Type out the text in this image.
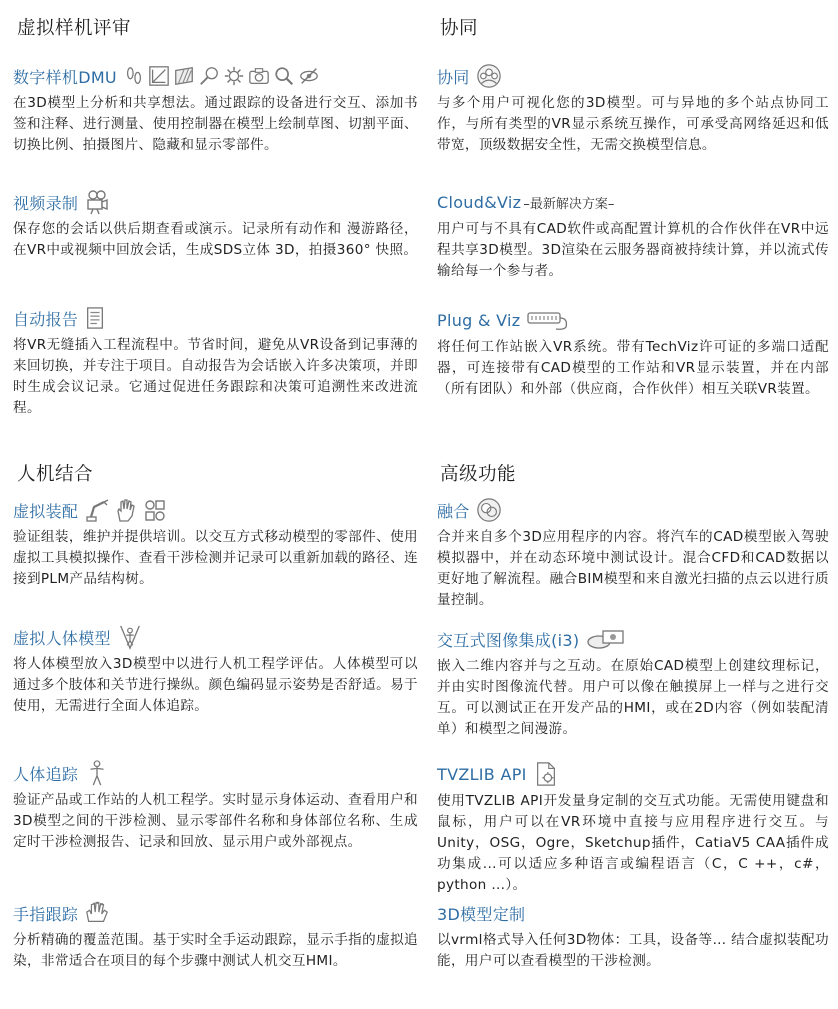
虚拟样机评审	协同
人机结合	高级功能
数字样机DMU
在3D模型上分析和共享想法。通过跟踪的设备进行交互、添加书签和注释、进行测量、使用控制器在模型上绘制草图、切割平面、切换比例、拍摄图片、隐藏和显示零部件。
视频录制
保存您的会话以供后期查看或演示。记录所有动作和 漫游路径，在VR中或视频中回放会话，生成SDS立体 3D，拍摄360° 快照。
自动报告
将VR无缝插入工程流程中。节省时间，避免从VR设备到记事薄的来回切换，并专注于项目。自动报告为会话嵌入许多决策项，并即时生成会议记录。它通过促进任务跟踪和决策可追溯性来改进流程。
虚拟装配
验证组装，维护并提供培训。以交互方式移动模型的零部件、使用虚拟工具模拟操作、查看干涉检测并记录可以重新加载的路径、连接到PLM产品结构树。
虚拟人体模型
将人体模型放入3D模型中以进行人机工程学评估。人体模型可以通过多个肢体和关节进行操纵。颜色编码显示姿势是否舒适。易于使用，无需进行全面人体追踪。
人体追踪
验证产品或工作站的人机工程学。实时显示身体运动、查看用户和3D模型之间的干涉检测、显示零部件名称和身体部位名称、生成定时干涉检测报告、记录和回放、显示用户或外部视点。
手指跟踪
分析精确的覆盖范围。基于实时全手运动跟踪，显示手指的虚拟追染，非常适合在项目的每个步骤中测试人机交互HMI。
协同
与多个用户可视化您的3D模型。可与异地的多个站点协同工作，与所有类型的VR显示系统互操作，可承受高网络延迟和低带宽，顶级数据安全性，无需交换模型信息。
Cloud&Viz –最新解决方案–
用户可与不具有CAD软件或高配置计算机的合作伙伴在VR中远程共享3D模型。3D渲染在云服务器商被持续计算，并以流式传输给每一个参与者。
Plug & Viz
将任何工作站嵌入VR系统。带有TechViz许可证的多端口适配器，可连接带有CAD模型的工作站和VR显示装置，并在内部（所有团队）和外部（供应商，合作伙伴）相互关联VR装置。
融合
合并来自多个3D应用程序的内容。将汽车的CAD模型嵌入驾驶模拟器中，并在动态环境中测试设计。混合CFD和CAD数据以更好地了解流程。融合BIM模型和来自激光扫描的点云以进行质量控制。
交互式图像集成(i3)
嵌入二维内容并与之互动。在原始CAD模型上创建纹理标记，并由实时图像流代替。用户可以像在触摸屏上一样与之进行交互。可以测试正在开发产品的HMI，或在2D内容（例如装配清单）和模型之间漫游。
TVZLIB API
使用TVZLIB API开发量身定制的交互式功能。无需使用键盘和鼠标，用户可以在VR环境中直接与应用程序进行交互。与Unity，OSG，Ogre，Sketchup插件，CatiaV5 CAA插件成功集成...可以适应多种语言或编程语言（C，C ++，c#，python ...）。
3D模型定制
以vrml格式导入任何3D物体：工具，设备等… 结合虚拟装配功能，用户可以查看模型的干涉检测。
